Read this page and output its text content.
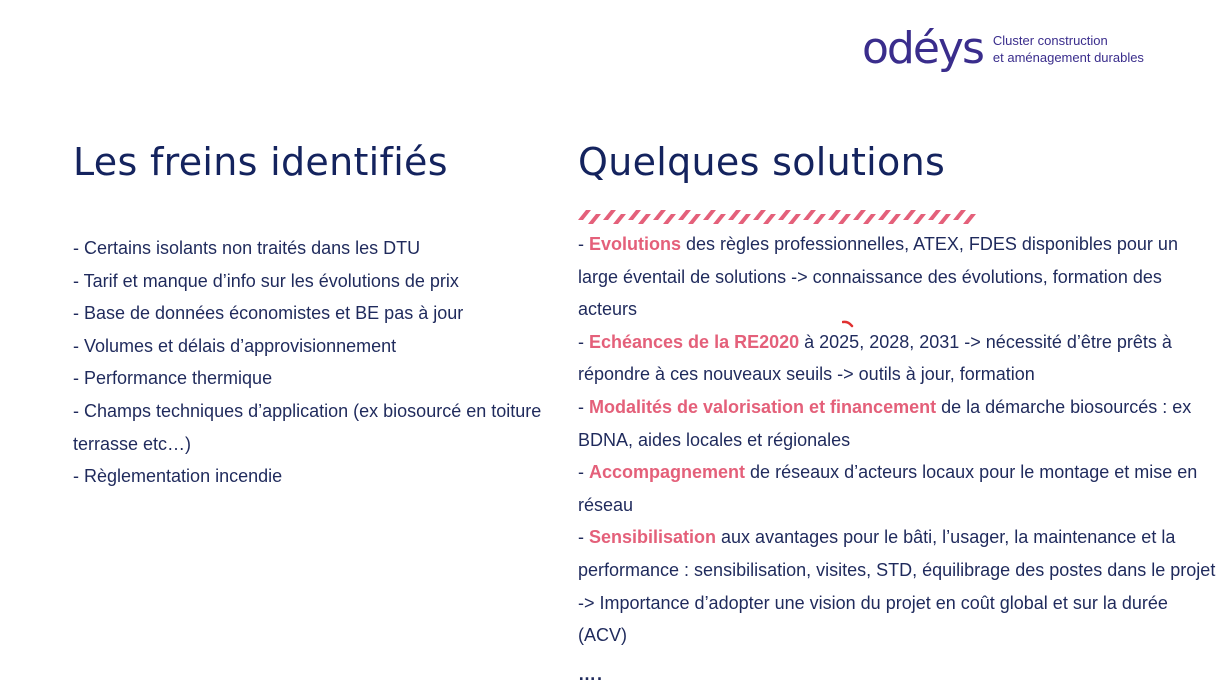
odéys Cluster construction
et aménagement durables
Les freins identifiés
- Certains isolants non traités dans les DTU
- Tarif et manque d’info sur les évolutions de prix
- Base de données économistes et BE pas à jour
- Volumes et délais d’approvisionnement
- Performance thermique
- Champs techniques d’application (ex biosourcé en toiture terrasse etc…)
- Règlementation incendie
Quelques solutions
- Evolutions des règles professionnelles, ATEX, FDES disponibles pour un large éventail de solutions -> connaissance des évolutions, formation des acteurs
- Echéances de la RE2020 à 2025, 2028, 2031 -> nécessité d’être prêts à répondre à ces nouveaux seuils -> outils à jour, formation
- Modalités de valorisation et financement de la démarche biosourcés : ex BDNA, aides locales et régionales
- Accompagnement de réseaux d’acteurs locaux pour le montage et mise en réseau
- Sensibilisation aux avantages pour le bâti, l’usager, la maintenance et la performance : sensibilisation, visites, STD, équilibrage des postes dans le projet -> Importance d’adopter une vision du projet en coût global et sur la durée (ACV)
….
